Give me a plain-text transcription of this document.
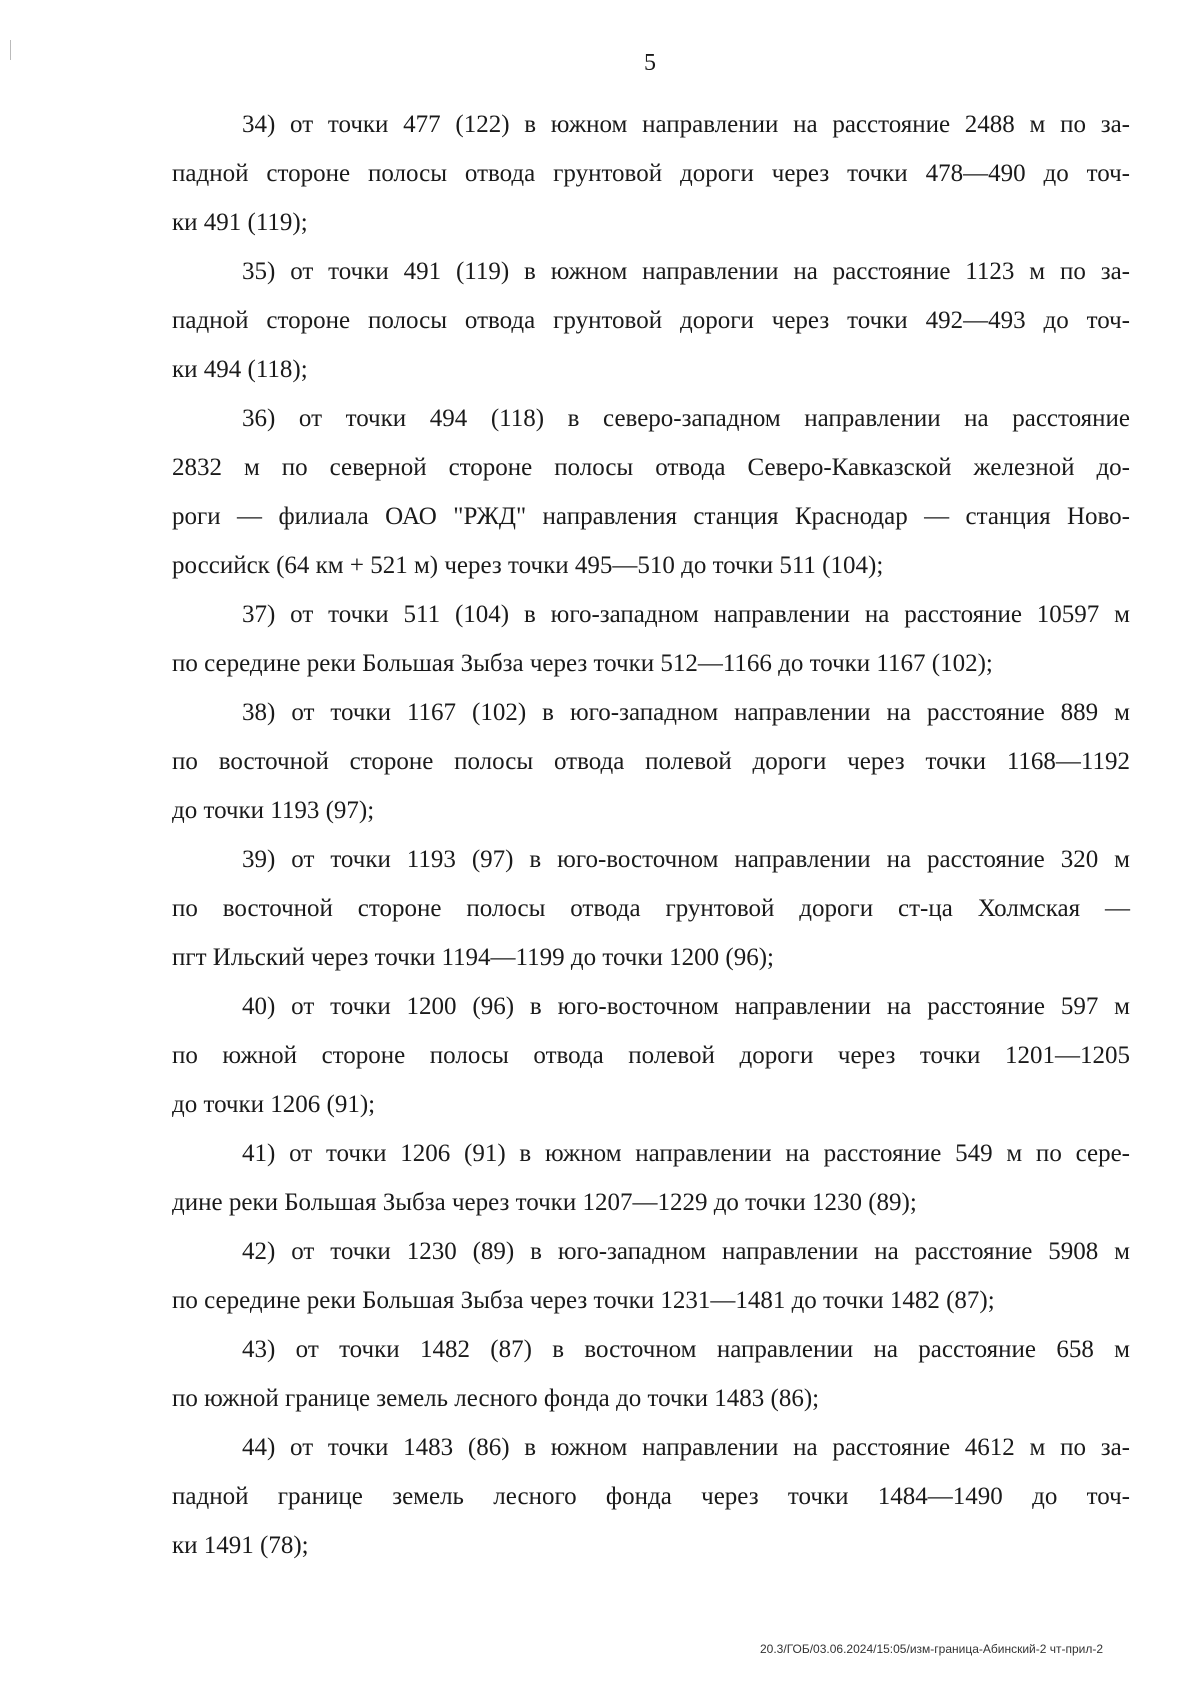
5
34) от точки 477 (122) в южном направлении на расстояние 2488 м по за-
падной стороне полосы отвода грунтовой дороги через точки 478—490 до точ-
ки 491 (119);
35) от точки 491 (119) в южном направлении на расстояние 1123 м по за-
падной стороне полосы отвода грунтовой дороги через точки 492—493 до точ-
ки 494 (118);
36) от точки 494 (118) в северо-западном направлении на расстояние
2832 м по северной стороне полосы отвода Северо-Кавказской железной до-
роги — филиала ОАО "РЖД" направления станция Краснодар — станция Ново-
российск (64 км + 521 м) через точки 495—510 до точки 511 (104);
37) от точки 511 (104) в юго-западном направлении на расстояние 10597 м
по середине реки Большая Зыбза через точки 512—1166 до точки 1167 (102);
38) от точки 1167 (102) в юго-западном направлении на расстояние 889 м
по восточной стороне полосы отвода полевой дороги через точки 1168—1192
до точки 1193 (97);
39) от точки 1193 (97) в юго-восточном направлении на расстояние 320 м
по восточной стороне полосы отвода грунтовой дороги ст-ца Холмская —
пгт Ильский через точки 1194—1199 до точки 1200 (96);
40) от точки 1200 (96) в юго-восточном направлении на расстояние 597 м
по южной стороне полосы отвода полевой дороги через точки 1201—1205
до точки 1206 (91);
41) от точки 1206 (91) в южном направлении на расстояние 549 м по сере-
дине реки Большая Зыбза через точки 1207—1229 до точки 1230 (89);
42) от точки 1230 (89) в юго-западном направлении на расстояние 5908 м
по середине реки Большая Зыбза через точки 1231—1481 до точки 1482 (87);
43) от точки 1482 (87) в восточном направлении на расстояние 658 м
по южной границе земель лесного фонда до точки 1483 (86);
44) от точки 1483 (86) в южном направлении на расстояние 4612 м по за-
падной границе земель лесного фонда через точки 1484—1490 до точ-
ки 1491 (78);
20.3/ГОБ/03.06.2024/15:05/изм-граница-Абинский-2 чт-прил-2
